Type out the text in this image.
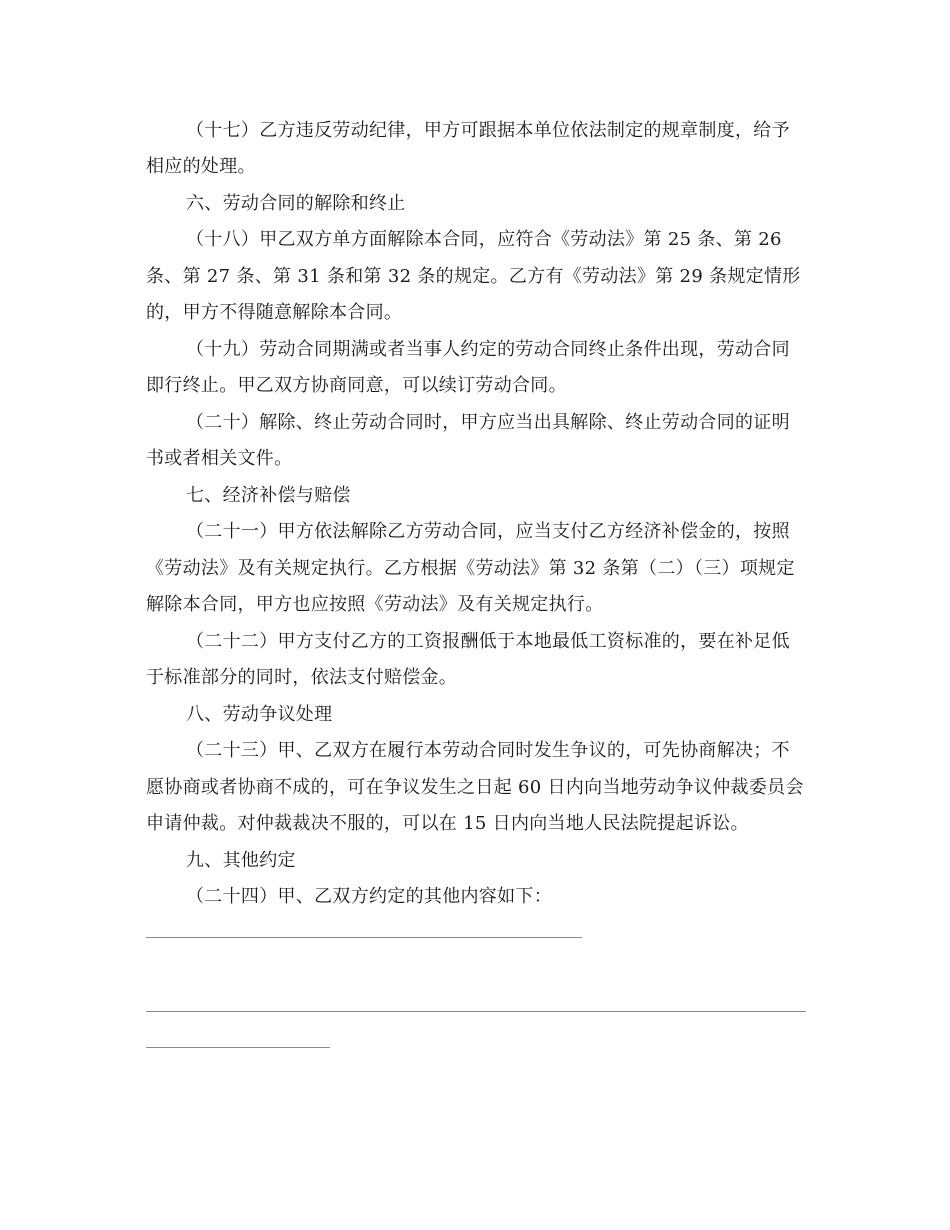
（十七）乙方违反劳动纪律，甲方可跟据本单位依法制定的规章制度，给予
相应的处理。
六、劳动合同的解除和终止
（十八）甲乙双方单方面解除本合同，应符合《劳动法》第 25 条、第 26
条、第 27 条、第 31 条和第 32 条的规定。乙方有《劳动法》第 29 条规定情形
的，甲方不得随意解除本合同。
（十九）劳动合同期满或者当事人约定的劳动合同终止条件出现，劳动合同
即行终止。甲乙双方协商同意，可以续订劳动合同。
（二十）解除、终止劳动合同时，甲方应当出具解除、终止劳动合同的证明
书或者相关文件。
七、经济补偿与赔偿
（二十一）甲方依法解除乙方劳动合同，应当支付乙方经济补偿金的，按照
《劳动法》及有关规定执行。乙方根据《劳动法》第 32 条第（二）（三）项规定
解除本合同，甲方也应按照《劳动法》及有关规定执行。
（二十二）甲方支付乙方的工资报酬低于本地最低工资标准的，要在补足低
于标准部分的同时，依法支付赔偿金。
八、劳动争议处理
（二十三）甲、乙双方在履行本劳动合同时发生争议的，可先协商解决；不
愿协商或者协商不成的，可在争议发生之日起 60 日内向当地劳动争议仲裁委员会
申请仲裁。对仲裁裁决不服的，可以在 15 日内向当地人民法院提起诉讼。
九、其他约定
（二十四）甲、乙双方约定的其他内容如下：
